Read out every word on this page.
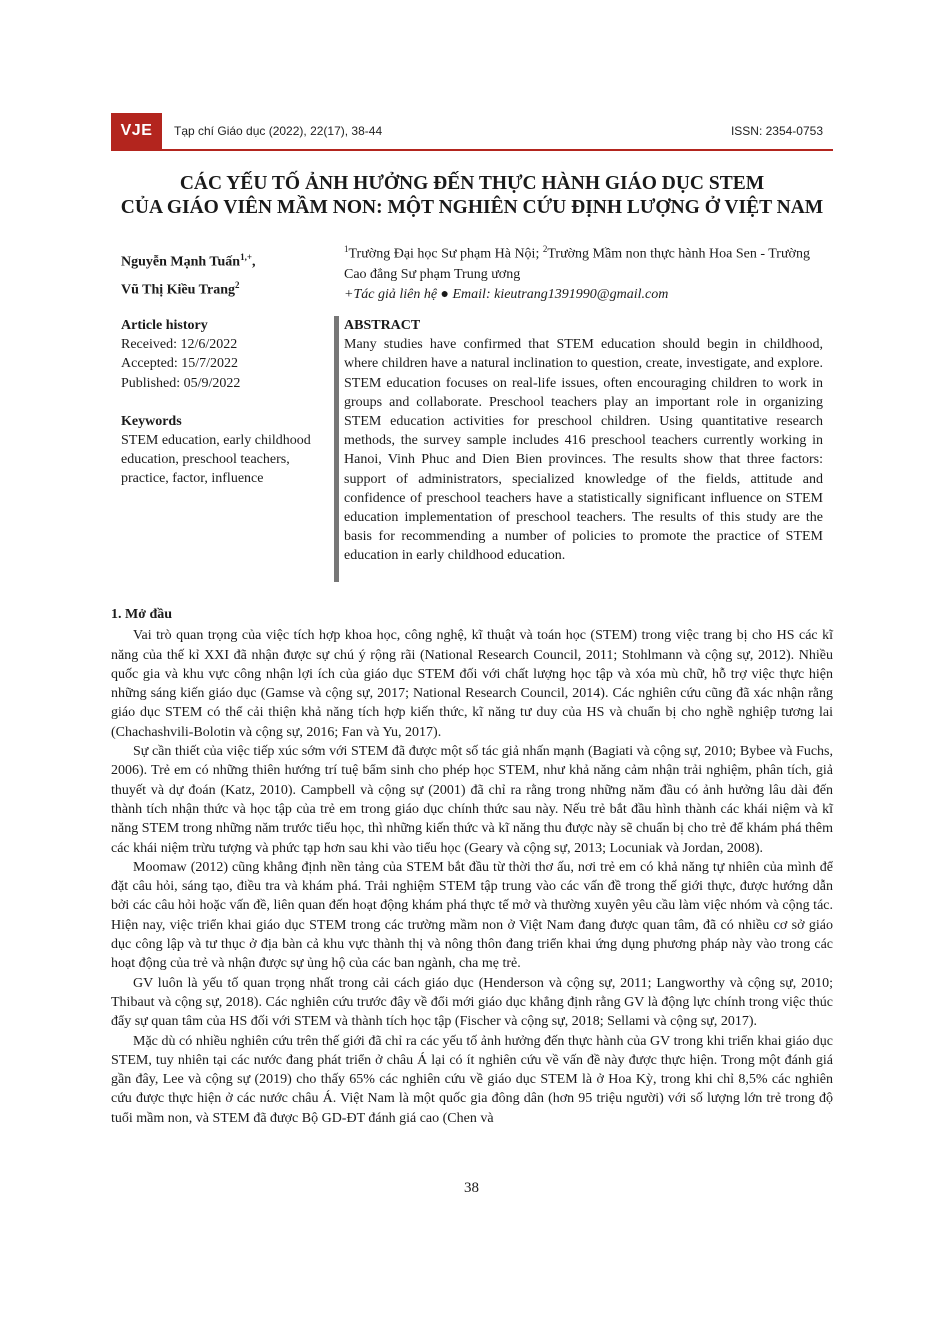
VJE	Tạp chí Giáo dục (2022), 22(17), 38-44	ISSN: 2354-0753
CÁC YẾU TỐ ẢNH HƯỞNG ĐẾN THỰC HÀNH GIÁO DỤC STEM
CỦA GIÁO VIÊN MẦM NON: MỘT NGHIÊN CỨU ĐỊNH LƯỢNG Ở VIỆT NAM
Nguyễn Mạnh Tuấn$^{1,+}$,
Vũ Thị Kiều Trang$^2$
$^1$Trường Đại học Sư phạm Hà Nội; $^2$Trường Mầm non thực hành Hoa Sen - Trường Cao đẳng Sư phạm Trung ương
+Tác giả liên hệ ● Email: kieutrang1391990@gmail.com
Article history
Received: 12/6/2022
Accepted: 15/7/2022
Published: 05/9/2022
Keywords
STEM education, early childhood education, preschool teachers, practice, factor, influence
ABSTRACT
Many studies have confirmed that STEM education should begin in childhood, where children have a natural inclination to question, create, investigate, and explore. STEM education focuses on real-life issues, often encouraging children to work in groups and collaborate. Preschool teachers play an important role in organizing STEM education activities for preschool children. Using quantitative research methods, the survey sample includes 416 preschool teachers currently working in Hanoi, Vinh Phuc and Dien Bien provinces. The results show that three factors: support of administrators, specialized knowledge of the fields, attitude and confidence of preschool teachers have a statistically significant influence on STEM education implementation of preschool teachers. The results of this study are the basis for recommending a number of policies to promote the practice of STEM education in early childhood education.
1. Mở đầu

Vai trò quan trọng của việc tích hợp khoa học, công nghệ, kĩ thuật và toán học (STEM) trong việc trang bị cho HS các kĩ năng của thế kỉ XXI đã nhận được sự chú ý rộng rãi (National Research Council, 2011; Stohlmann và cộng sự, 2012). Nhiều quốc gia và khu vực công nhận lợi ích của giáo dục STEM đối với chất lượng học tập và xóa mù chữ, hỗ trợ việc thực hiện những sáng kiến giáo dục (Gamse và cộng sự, 2017; National Research Council, 2014). Các nghiên cứu cũng đã xác nhận rằng giáo dục STEM có thể cải thiện khả năng tích hợp kiến thức, kĩ năng tư duy của HS và chuẩn bị cho nghề nghiệp tương lai (Chachashvili-Bolotin và cộng sự, 2016; Fan và Yu, 2017).

Sự cần thiết của việc tiếp xúc sớm với STEM đã được một số tác giả nhấn mạnh (Bagiati và cộng sự, 2010; Bybee và Fuchs, 2006). Trẻ em có những thiên hướng trí tuệ bẩm sinh cho phép học STEM, như khả năng cảm nhận trải nghiệm, phân tích, giả thuyết và dự đoán (Katz, 2010). Campbell và cộng sự (2001) đã chỉ ra rằng trong những năm đầu có ảnh hưởng lâu dài đến thành tích nhận thức và học tập của trẻ em trong giáo dục chính thức sau này. Nếu trẻ bắt đầu hình thành các khái niệm và kĩ năng STEM trong những năm trước tiểu học, thì những kiến thức và kĩ năng thu được này sẽ chuẩn bị cho trẻ để khám phá thêm các khái niệm trừu tượng và phức tạp hơn sau khi vào tiểu học (Geary và cộng sự, 2013; Locuniak và Jordan, 2008).

Moomaw (2012) cũng khẳng định nền tảng của STEM bắt đầu từ thời thơ ấu, nơi trẻ em có khả năng tự nhiên của mình để đặt câu hỏi, sáng tạo, điều tra và khám phá. Trải nghiệm STEM tập trung vào các vấn đề trong thế giới thực, được hướng dẫn bởi các câu hỏi hoặc vấn đề, liên quan đến hoạt động khám phá thực tế mở và thường xuyên yêu cầu làm việc nhóm và cộng tác. Hiện nay, việc triển khai giáo dục STEM trong các trường mầm non ở Việt Nam đang được quan tâm, đã có nhiều cơ sở giáo dục công lập và tư thục ở địa bàn cả khu vực thành thị và nông thôn đang triển khai ứng dụng phương pháp này vào trong các hoạt động của trẻ và nhận được sự ủng hộ của các ban ngành, cha mẹ trẻ.

GV luôn là yếu tố quan trọng nhất trong cải cách giáo dục (Henderson và cộng sự, 2011; Langworthy và cộng sự, 2010; Thibaut và cộng sự, 2018). Các nghiên cứu trước đây về đổi mới giáo dục khẳng định rằng GV là động lực chính trong việc thúc đẩy sự quan tâm của HS đối với STEM và thành tích học tập (Fischer và cộng sự, 2018; Sellami và cộng sự, 2017).

Mặc dù có nhiều nghiên cứu trên thế giới đã chỉ ra các yếu tố ảnh hưởng đến thực hành của GV trong khi triển khai giáo dục STEM, tuy nhiên tại các nước đang phát triển ở châu Á lại có ít nghiên cứu về vấn đề này được thực hiện. Trong một đánh giá gần đây, Lee và cộng sự (2019) cho thấy 65% các nghiên cứu về giáo dục STEM là ở Hoa Kỳ, trong khi chỉ 8,5% các nghiên cứu được thực hiện ở các nước châu Á. Việt Nam là một quốc gia đông dân (hơn 95 triệu người) với số lượng lớn trẻ trong độ tuổi mầm non, và STEM đã được Bộ GD-ĐT đánh giá cao (Chen và

38
